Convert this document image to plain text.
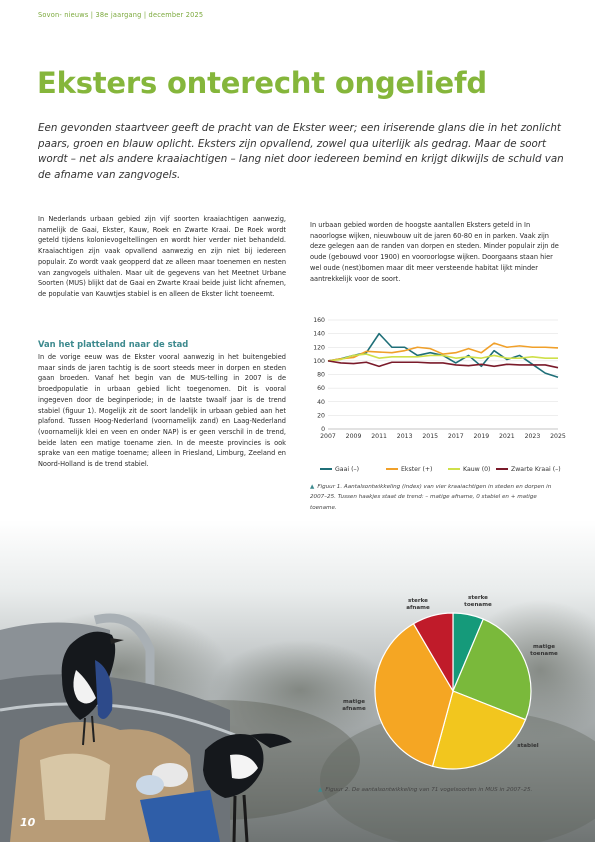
Sovon- nieuws | 38e jaargang | december 2025
Eksters onterecht ongeliefd
Een gevonden staartveer geeft de pracht van de Ekster weer; een iriserende glans die in het zonlicht paars, groen en blauw oplicht. Eksters zijn opvallend, zowel qua uiterlijk als gedrag. Maar de soort wordt – net als andere kraaiachtigen – lang niet door iedereen bemind en krijgt dikwijls de schuld van de afname van zangvogels.

In Nederlands urbaan gebied zijn vijf soorten kraaiachtigen aanwezig, namelijk de Gaai, Ekster, Kauw, Roek en Zwarte Kraai. De Roek wordt geteld tijdens kolonievogeltellingen en wordt hier verder niet behandeld. Kraaiachtigen zijn vaak opvallend aanwezig en zijn niet bij iedereen populair. Zo wordt vaak geopperd dat ze alleen maar toenemen en nesten van zangvogels uithalen. Maar uit de gegevens van het Meetnet Urbane Soorten (MUS) blijkt dat de Gaai en Zwarte Kraai beide juist licht afnemen, de populatie van Kauwtjes stabiel is en alleen de Ekster licht toeneemt.

Van het platteland naar de stad

In de vorige eeuw was de Ekster vooral aanwezig in het buitengebied maar sinds de jaren tachtig is de soort steeds meer in dorpen en steden gaan broeden. Vanaf het begin van de MUS-telling in 2007 is de broedpopulatie in urbaan gebied licht toegenomen. Dit is vooral ingegeven door de beginperiode; in de laatste twaalf jaar is de trend stabiel (figuur 1). Mogelijk zit de soort landelijk in urbaan gebied aan het plafond. Tussen Hoog-Nederland (voornamelijk zand) en Laag-Nederland (voornamelijk klei en veen en onder NAP) is er geen verschil in de trend, beide laten een matige toename zien. In de meeste provincies is ook sprake van een matige toename; alleen in Friesland, Limburg, Zeeland en Noord-Holland is de trend stabiel.

In urbaan gebied worden de hoogste aantallen Eksters geteld in In naoorlogse wijken, nieuwbouw uit de jaren 60-80 en in parken. Vaak zijn deze gelegen aan de randen van dorpen en steden. Minder populair zijn de oude (gebouwd voor 1900) en vooroorlogse wijken. Doorgaans staan hier wel oude (nest)bomen maar dit meer versteende habitat lijkt minder aantrekkelijk voor de soort.

0
20
40
60
80
100
120
140
160
2007 2009 2011 2013 2015 2017 2019 2021 2023 2025
Gaai (–)	Ekster (+)	Kauw (0)	Zwarte Kraai (–)
▲ Figuur 1. Aantalsontwikkeling (index) van vier kraaiachtigen in steden en dorpen in 2007–25. Tussen haakjes staat de trend: – matige afname, 0 stabiel en + matige toename.
sterke toename
matige toename
stabiel
matige afname
sterke afname
▲ Figuur 2. De aantalsontwikkeling van 71 vogelsoorten in MUS in 2007–25.
10
